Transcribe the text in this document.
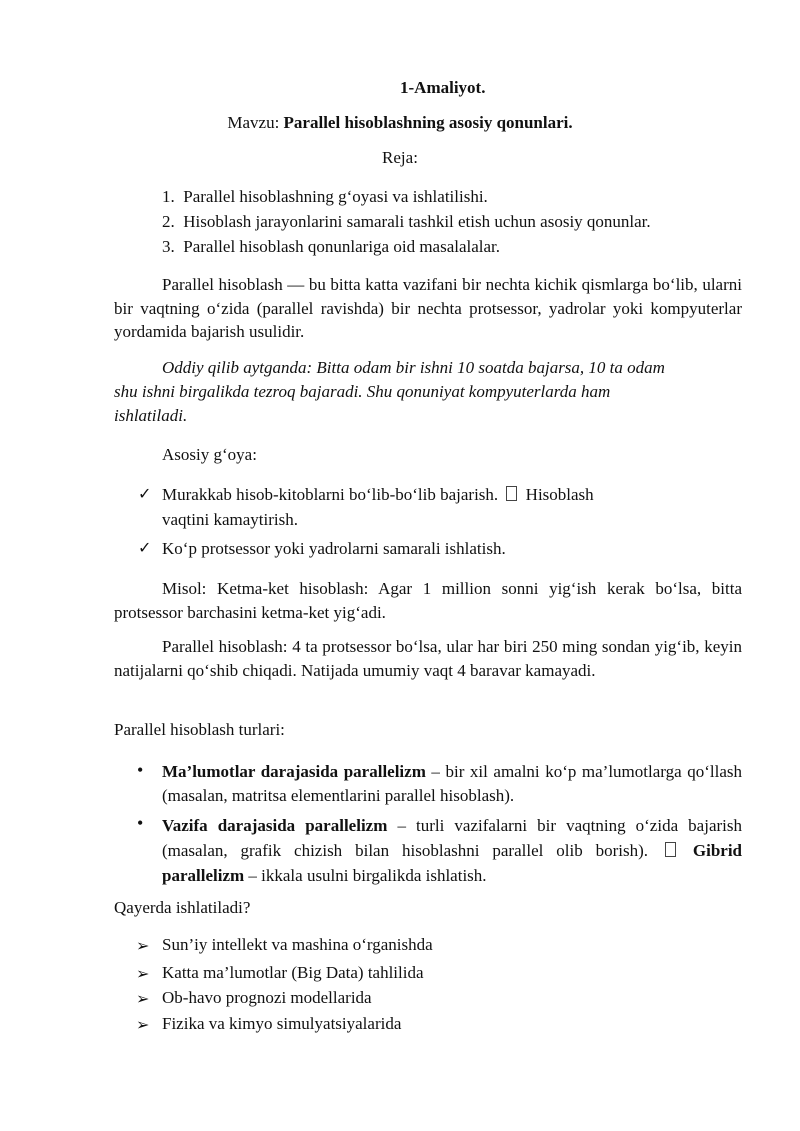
1-Amaliyot.
Mavzu: Parallel hisoblashning asosiy qonunlari.
Reja:
1. Parallel hisoblashning g‘oyasi va ishlatilishi.
2. Hisoblash jarayonlarini samarali tashkil etish uchun asosiy qonunlar.
3. Parallel hisoblash qonunlariga oid masalalalar.
Parallel hisoblash — bu bitta katta vazifani bir nechta kichik qismlarga bo‘lib, ularni bir vaqtning o‘zida (parallel ravishda) bir nechta protsessor, yadrolar yoki kompyuterlar yordamida bajarish usulidir.
Oddiy qilib aytganda: Bitta odam bir ishni 10 soatda bajarsa, 10 ta odam
shu ishni birgalikda tezroq bajaradi. Shu qonuniyat kompyuterlarda ham
ishlatiladi.
Asosiy g‘oya:
✓ Murakkab hisob-kitoblarni bo‘lib-bo‘lib bajarish. Hisoblash
vaqtini kamaytirish.
✓ Ko‘p protsessor yoki yadrolarni samarali ishlatish.
Misol: Ketma-ket hisoblash: Agar 1 million sonni yig‘ish kerak bo‘lsa, bitta protsessor barchasini ketma-ket yig‘adi.
Parallel hisoblash: 4 ta protsessor bo‘lsa, ular har biri 250 ming sondan yig‘ib, keyin natijalarni qo‘shib chiqadi. Natijada umumiy vaqt 4 baravar kamayadi.
Parallel hisoblash turlari:
• Ma’lumotlar darajasida parallelizm – bir xil amalni ko‘p ma’lumotlarga qo‘llash (masalan, matritsa elementlarini parallel hisoblash).
• Vazifa darajasida parallelizm – turli vazifalarni bir vaqtning o‘zida bajarish (masalan, grafik chizish bilan hisoblashni parallel olib borish).	Gibrid parallelizm – ikkala usulni birgalikda ishlatish.
Qayerda ishlatiladi?
➢ Sun’iy intellekt va mashina o‘rganishda
➢ Katta ma’lumotlar (Big Data) tahlilida
➢ Ob-havo prognozi modellarida
➢ Fizika va kimyo simulyatsiyalarida
